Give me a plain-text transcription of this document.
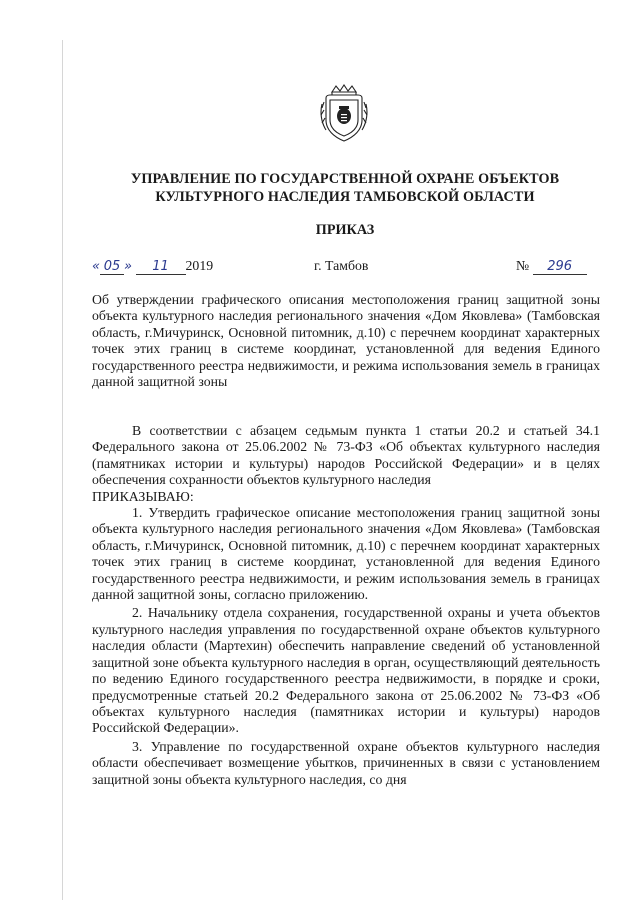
УПРАВЛЕНИЕ ПО ГОСУДАРСТВЕННОЙ ОХРАНЕ ОБЪЕКТОВ
КУЛЬТУРНОГО НАСЛЕДИЯ ТАМБОВСКОЙ ОБЛАСТИ
ПРИКАЗ
« 05 » 11 2019	г. Тамбов	№ 296

Об утверждении графического описания местоположения границ защитной зоны объекта культурного наследия регионального значения «Дом Яковлева» (Тамбовская область, г.Мичуринск, Основной питомник, д.10) с перечнем координат характерных точек этих границ в системе координат, установленной для ведения Единого государственного реестра недвижимости, и режима использования земель в границах данной защитной зоны

В соответствии с абзацем седьмым пункта 1 статьи 20.2 и статьей 34.1 Федерального закона от 25.06.2002 № 73-ФЗ «Об объектах культурного наследия (памятниках истории и культуры) народов Российской Федерации» и в целях обеспечения сохранности объектов культурного наследия

ПРИКАЗЫВАЮ:

1. Утвердить графическое описание местоположения границ защитной зоны объекта культурного наследия регионального значения «Дом Яковлева» (Тамбовская область, г.Мичуринск, Основной питомник, д.10) с перечнем координат характерных точек этих границ в системе координат, установленной для ведения Единого государственного реестра недвижимости, и режим использования земель в границах данной защитной зоны, согласно приложению.

2. Начальнику отдела сохранения, государственной охраны и учета объектов культурного наследия управления по государственной охране объектов культурного наследия области (Мартехин) обеспечить направление сведений об установленной защитной зоне объекта культурного наследия в орган, осуществляющий деятельность по ведению Единого государственного реестра недвижимости, в порядке и сроки, предусмотренные статьей 20.2 Федерального закона от 25.06.2002 № 73-ФЗ «Об объектах культурного наследия (памятниках истории и культуры) народов Российской Федерации».

3. Управление по государственной охране объектов культурного наследия области обеспечивает возмещение убытков, причиненных в связи с установлением защитной зоны объекта культурного наследия, со дня
